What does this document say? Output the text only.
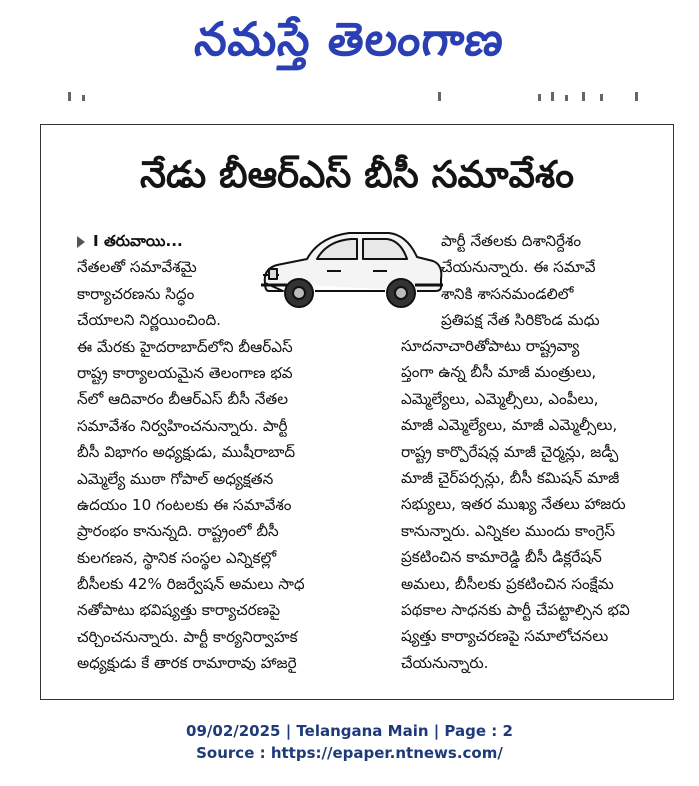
నమస్తే తెలంగాణ
నేడు బీఆర్‌ఎస్‌ బీసీ సమావేశం
I తరువాయి...
నేతలతో సమావేశమై
కార్యాచరణను సిద్ధం
చేయాలని నిర్ణయించింది.
ఈ మేరకు హైదరాబాద్‌లోని బీఆర్‌ఎస్‌
రాష్ట్ర కార్యాలయమైన తెలంగాణ భవ
న్‌లో ఆదివారం బీఆర్‌ఎస్‌ బీసీ నేతల
సమావేశం నిర్వహించనున్నారు. పార్టీ
బీసీ విభాగం అధ్యక్షుడు, ముషీరాబాద్‌
ఎమ్మెల్యే ముఠా గోపాల్‌ అధ్యక్షతన
ఉదయం 10 గంటలకు ఈ సమావేశం
ప్రారంభం కానున్నది. రాష్ట్రంలో బీసీ
కులగణన, స్థానిక సంస్థల ఎన్నికల్లో
బీసీలకు 42% రిజర్వేషన్‌ అమలు సాధ
నతోపాటు భవిష్యత్తు కార్యాచరణపై
చర్చించనున్నారు. పార్టీ కార్యనిర్వాహక
అధ్యక్షుడు కే తారక రామారావు హాజరై
పార్టీ నేతలకు దిశానిర్దేశం
చేయనున్నారు. ఈ సమావే
శానికి శాసనమండలిలో
ప్రతిపక్ష నేత సిరికొండ మధు
సూదనాచారితోపాటు రాష్ట్రవ్యా
ప్తంగా ఉన్న బీసీ మాజీ మంత్రులు,
ఎమ్మెల్యేలు, ఎమ్మెల్సీలు, ఎంపీలు,
మాజీ ఎమ్మెల్యేలు, మాజీ ఎమ్మెల్సీలు,
రాష్ట్ర కార్పొరేషన్ల మాజీ చైర్మన్లు, జడ్పీ
మాజీ చైర్‌పర్సన్లు, బీసీ కమిషన్‌ మాజీ
సభ్యులు, ఇతర ముఖ్య నేతలు హాజరు
కానున్నారు. ఎన్నికల ముందు కాంగ్రెస్‌
ప్రకటించిన కామారెడ్డి బీసీ డిక్లరేషన్‌
అమలు, బీసీలకు ప్రకటించిన సంక్షేమ
పథకాల సాధనకు పార్టీ చేపట్టాల్సిన భవి
ష్యత్తు కార్యాచరణపై సమాలోచనలు
చేయనున్నారు.
09/02/2025 | Telangana Main | Page : 2
Source : https://epaper.ntnews.com/
